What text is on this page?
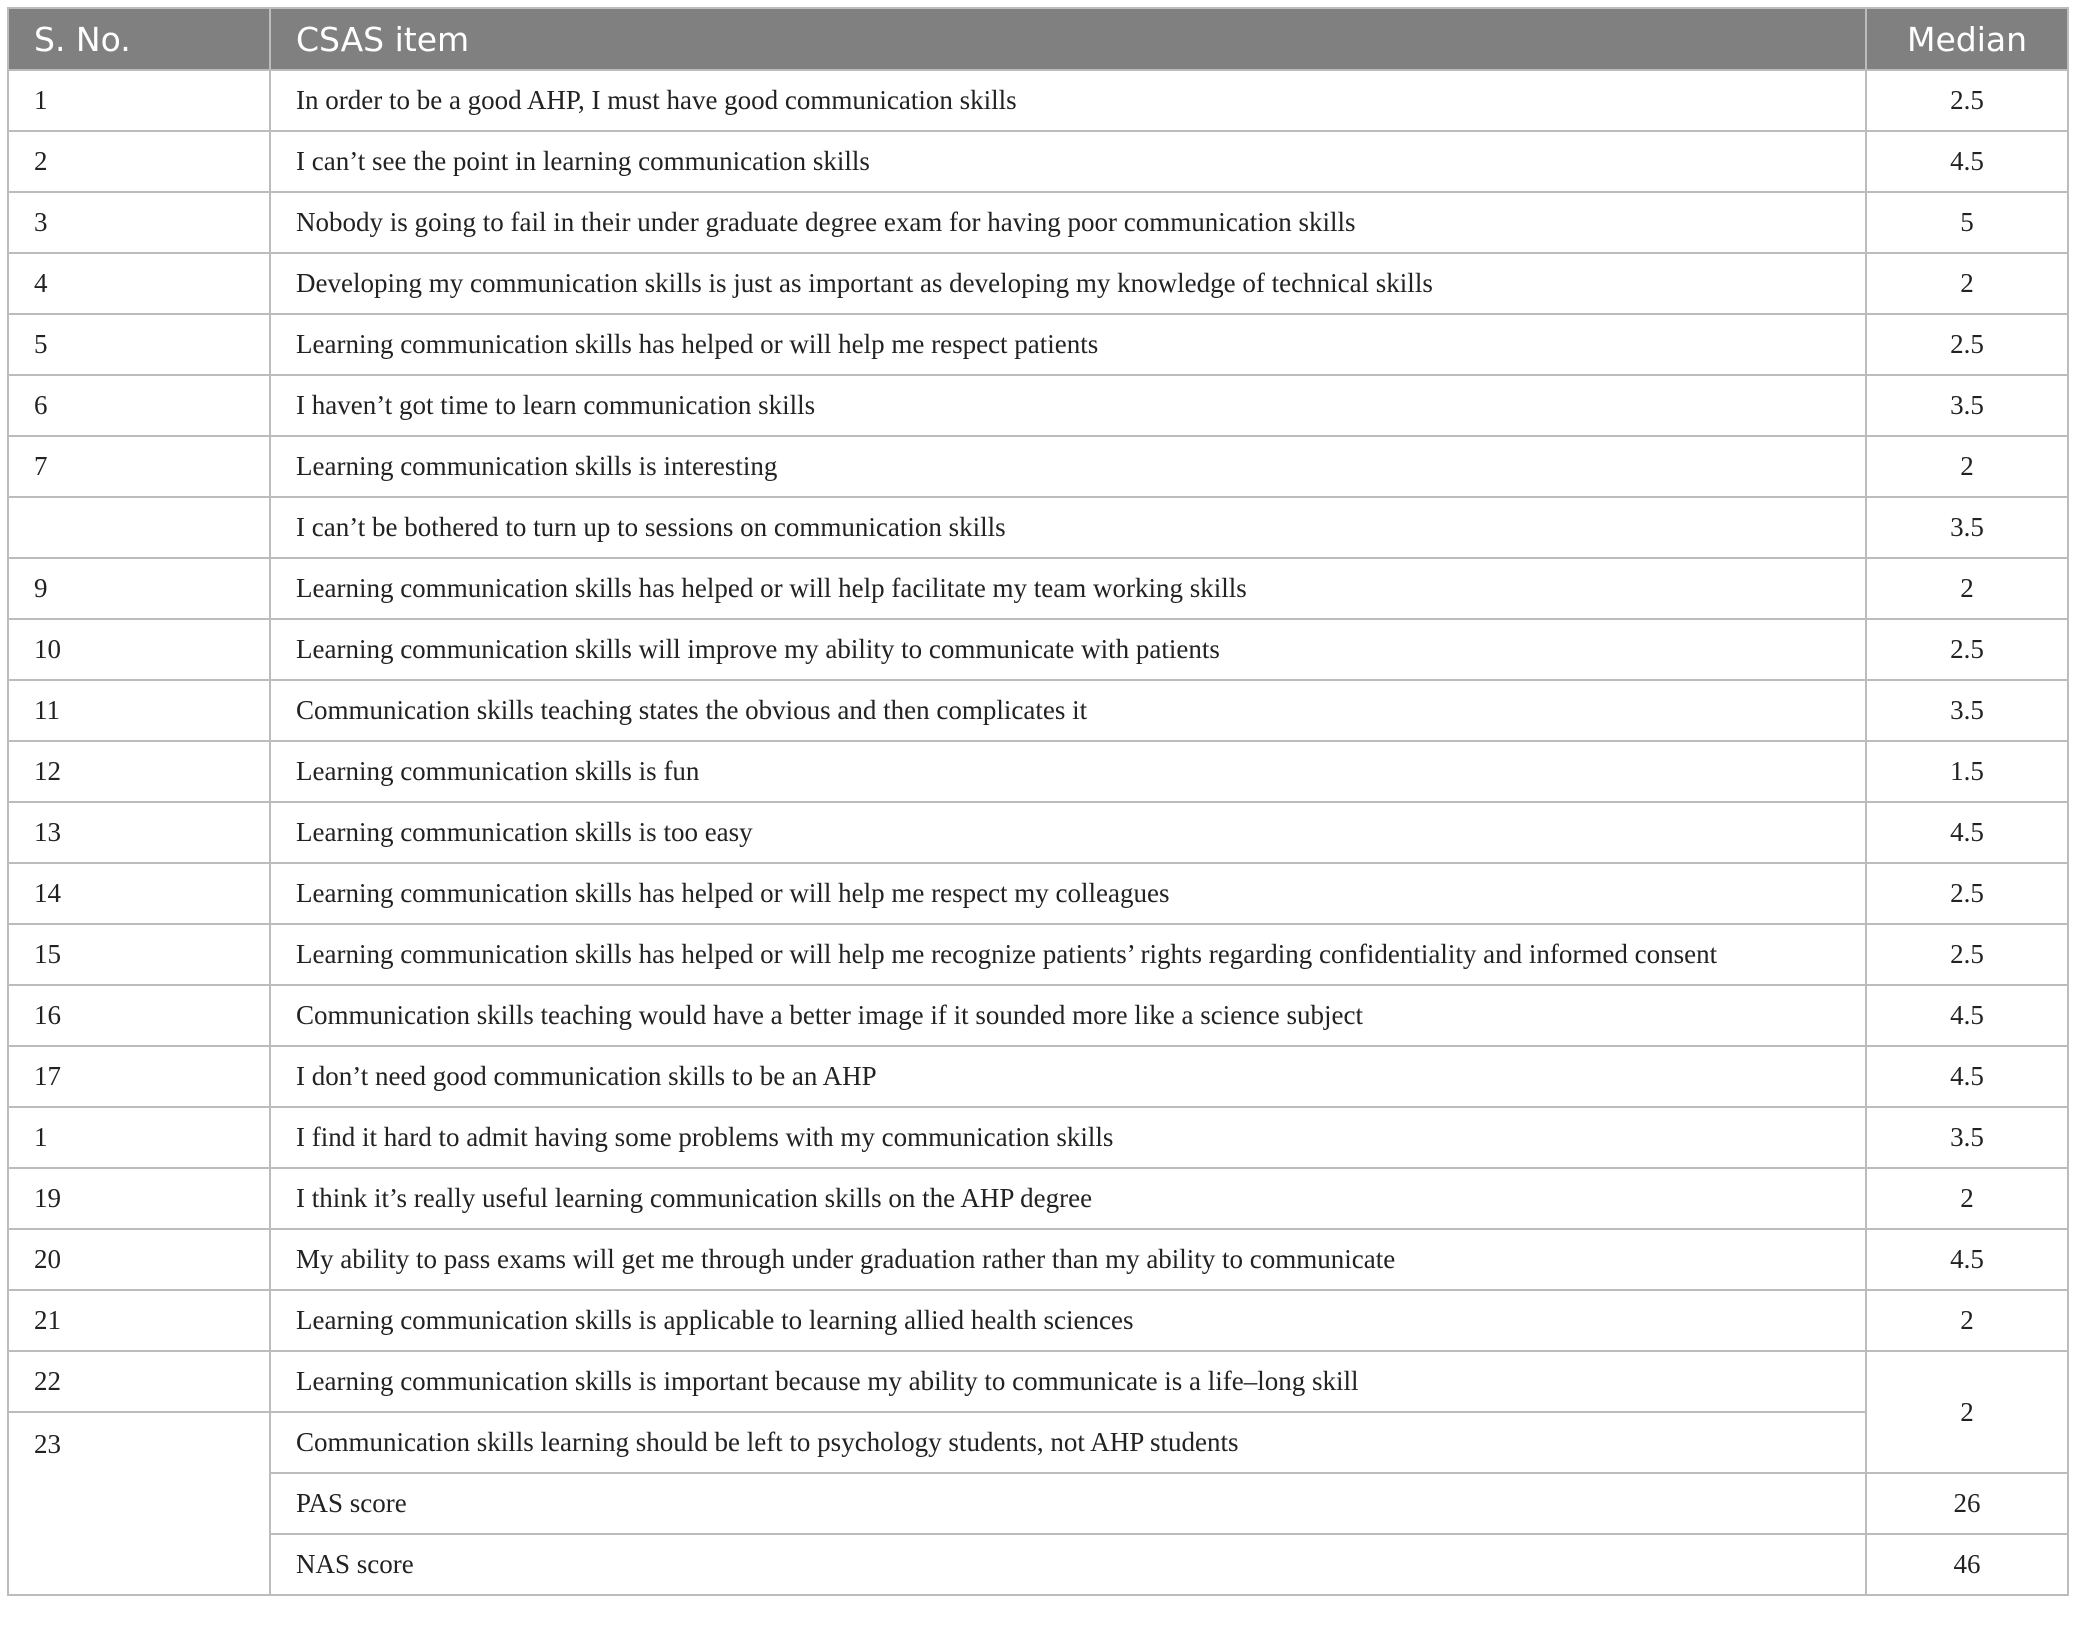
S. No.	CSAS item	Median
1	In order to be a good AHP, I must have good communication skills	2.5
2	I can’t see the point in learning communication skills	4.5
3	Nobody is going to fail in their under graduate degree exam for having poor communication skills	5
4	Developing my communication skills is just as important as developing my knowledge of technical skills	2
5	Learning communication skills has helped or will help me respect patients	2.5
6	I haven’t got time to learn communication skills	3.5
7	Learning communication skills is interesting	2
	I can’t be bothered to turn up to sessions on communication skills	3.5
9	Learning communication skills has helped or will help facilitate my team working skills	2
10	Learning communication skills will improve my ability to communicate with patients	2.5
11	Communication skills teaching states the obvious and then complicates it	3.5
12	Learning communication skills is fun	1.5
13	Learning communication skills is too easy	4.5
14	Learning communication skills has helped or will help me respect my colleagues	2.5
15	Learning communication skills has helped or will help me recognize patients’ rights regarding confidentiality and informed consent	2.5
16	Communication skills teaching would have a better image if it sounded more like a science subject	4.5
17	I don’t need good communication skills to be an AHP	4.5
1	I find it hard to admit having some problems with my communication skills	3.5
19	I think it’s really useful learning communication skills on the AHP degree	2
20	My ability to pass exams will get me through under graduation rather than my ability to communicate	4.5
21	Learning communication skills is applicable to learning allied health sciences	2
22	Learning communication skills is important because my ability to communicate is a life–long skill	2
23	Communication skills learning should be left to psychology students, not AHP students	
	PAS score	26
	NAS score	46
